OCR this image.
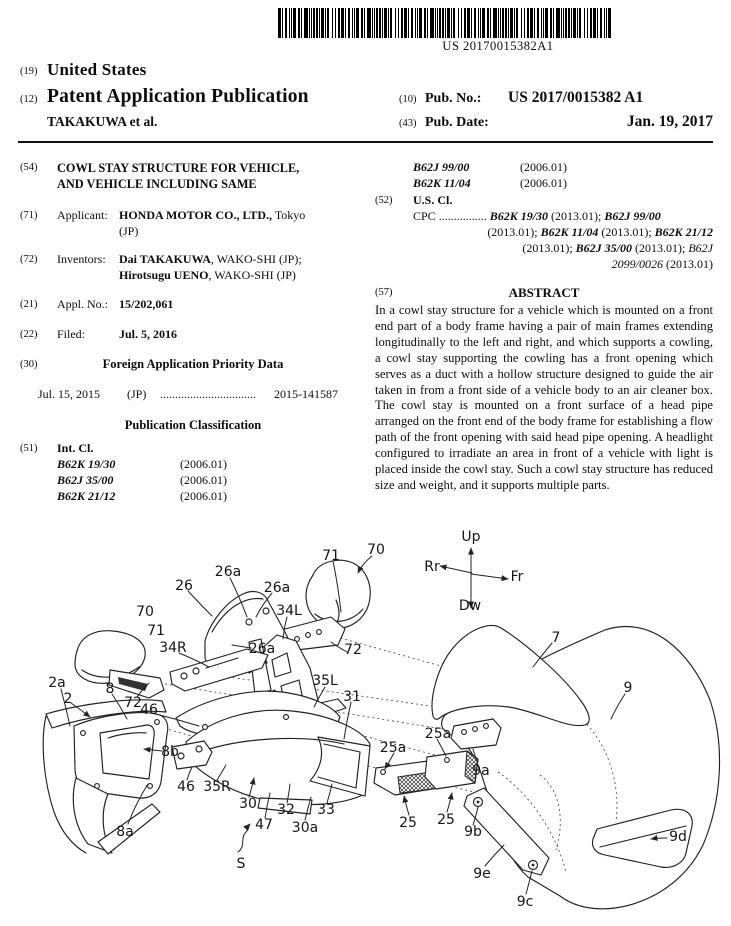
US 20170015382A1
(19) United States
(12) Patent Application Publication
TAKAKUWA et al.
(10) Pub. No.: US 2017/0015382 A1
(43) Pub. Date:	Jan. 19, 2017
(54) COWL STAY STRUCTURE FOR VEHICLE,
AND VEHICLE INCLUDING SAME
(71) Applicant: HONDA MOTOR CO., LTD., Tokyo
(JP)
(72) Inventors: Dai TAKAKUWA, WAKO-SHI (JP);
Hirotsugu UENO, WAKO-SHI (JP)
(21) Appl. No.: 15/202,061
(22) Filed:	Jul. 5, 2016
(30)	Foreign Application Priority Data
Jul. 15, 2015 (JP) ................................ 2015-141587
Publication Classification
(51) Int. Cl.
B62K 19/30	(2006.01)
B62J 35/00	(2006.01)
B62K 21/12	(2006.01)
B62J 99/00	(2006.01)
B62K 11/04	(2006.01)
(52) U.S. Cl.
CPC ................ B62K 19/30 (2013.01); B62J 99/00
(2013.01); B62K 11/04 (2013.01); B62K 21/12
(2013.01); B62J 35/00 (2013.01); B62J
2099/0026 (2013.01)
(57)	ABSTRACT
In a cowl stay structure for a vehicle which is mounted on a front end part of a body frame having a pair of main frames extending longitudinally to the left and right, and which supports a cowling, a cowl stay supporting the cowling has a front opening which serves as a duct with a hollow structure designed to guide the air taken in from a front side of a vehicle body to an air cleaner box. The cowl stay is mounted on a front surface of a head pipe arranged on the front end of the body frame for establishing a flow path of the front opening with said head pipe opening. A headlight configured to irradiate an area in front of a vehicle with light is placed inside the cowl stay. Such a cowl stay structure has reduced size and weight, and it supports multiple parts.
71 70
26a
26	26a
70
71
34L
34R	26a	72
2a
2
8
72
46
35L
31
7
9
8b
25a
25a
9a
46 35R
30
47
32 33
30a
8a
25 25
9b
9e
9c
9d
S
Up
Dw
Rr
Fr
